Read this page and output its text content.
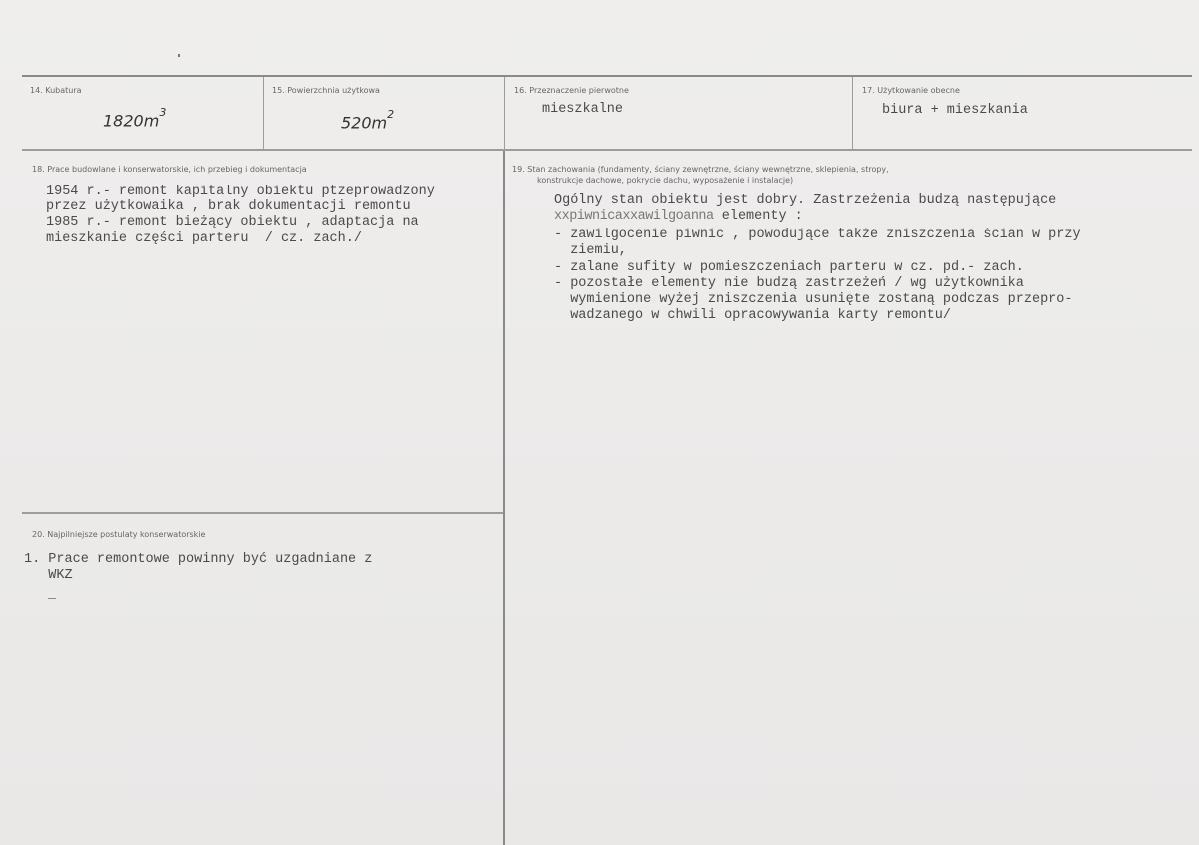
14. Kubatura
$1820m^3$
15. Powierzchnia użytkowa
$520m^2$
16. Przeznaczenie pierwotne
mieszkalne
17. Użytkowanie obecne
biura + mieszkania
18. Prace budowlane i konserwatorskie, ich przebieg i dokumentacja
1954 r.- remont kapitalny obiektu ptzeprowadzony
przez użytkowaika , brak dokumentacji remontu
1985 r.- remont bieżący obiektu , adaptacja na
mieszkanie części parteru  / cz. zach./
19. Stan zachowania (fundamenty, ściany zewnętrzne, ściany wewnętrzne, sklepienia, stropy,
konstrukcje dachowe, pokrycie dachu, wyposażenie i instalacje)
Ogólny stan obiektu jest dobry. Zastrzeżenia budzą następujące
xxpiwnicaxxawilgoanna elementy :
- zawilgocenie piwnic , powodujące także zniszczenia ścian w przy
ziemiu,
- zalane sufity w pomieszczeniach parteru w cz. pd.- zach.
- pozostałe elementy nie budzą zastrzeżeń / wg użytkownika
wymienione wyżej zniszczenia usunięte zostaną podczas przepro-
wadzanego w chwili opracowywania karty remontu/
20. Najpilniejsze postulaty konserwatorskie
1. Prace remontowe powinny być uzgadniane z
WKZ
